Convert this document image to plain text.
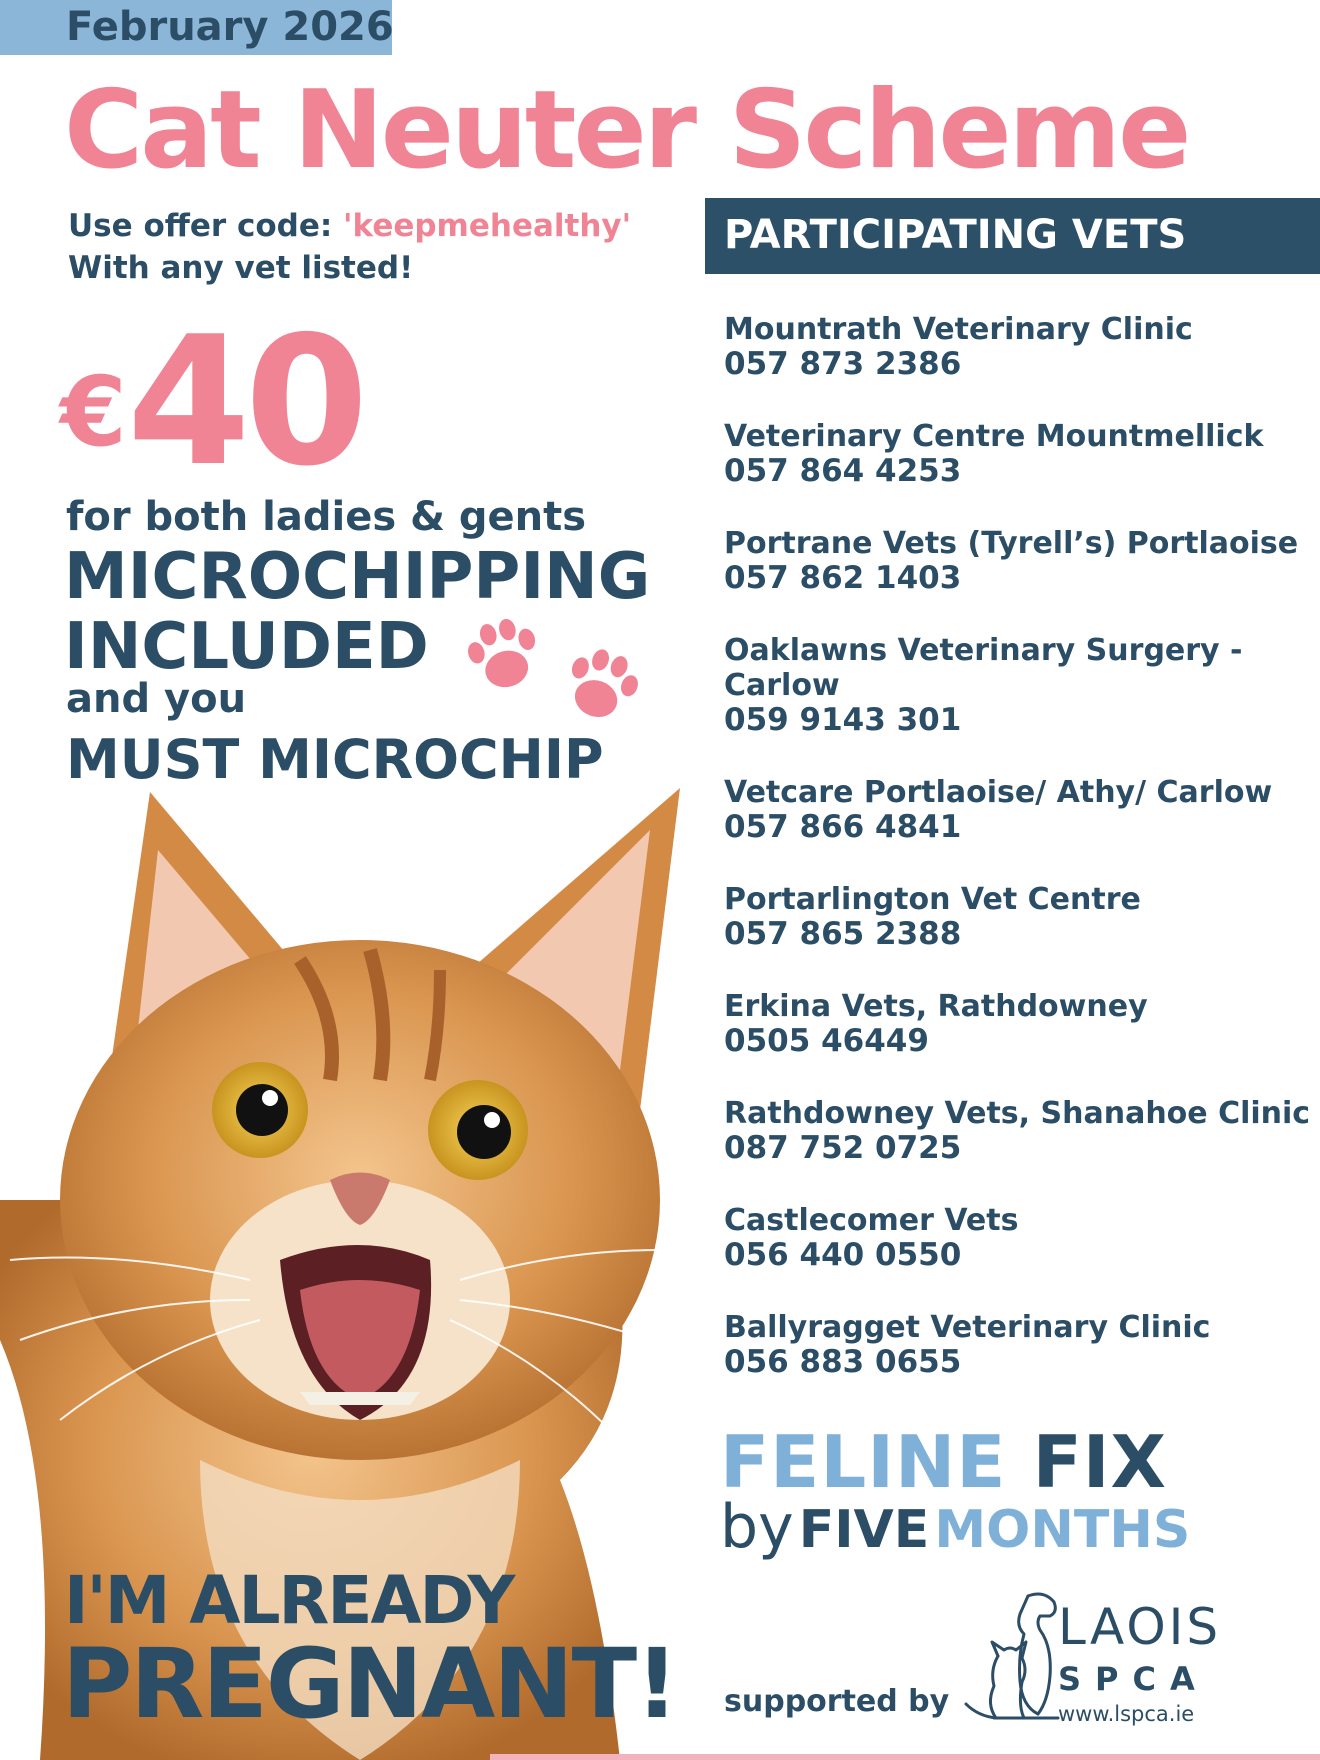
February 2026
Cat Neuter Scheme
Use offer code: 'keepmehealthy'
With any vet listed!
€40
for both ladies & gents
MICROCHIPPING
INCLUDED
and you
MUST MICROCHIP
I'M ALREADY
PREGNANT!
PARTICIPATING VETS
Mountrath Veterinary Clinic
057 873 2386
Veterinary Centre Mountmellick
057 864 4253
Portrane Vets (Tyrell’s) Portlaoise
057 862 1403
Oaklawns Veterinary Surgery - Carlow
059 9143 301
Vetcare Portlaoise/ Athy/ Carlow
057 866 4841
Portarlington Vet Centre
057 865 2388
Erkina Vets, Rathdowney
0505 46449
Rathdowney Vets, Shanahoe Clinic
087 752 0725
Castlecomer Vets
056 440 0550
Ballyragget Veterinary Clinic
056 883 0655
FELINE FIX
by FIVE MONTHS
supported by
LAOIS
SPCA
www.lspca.ie
